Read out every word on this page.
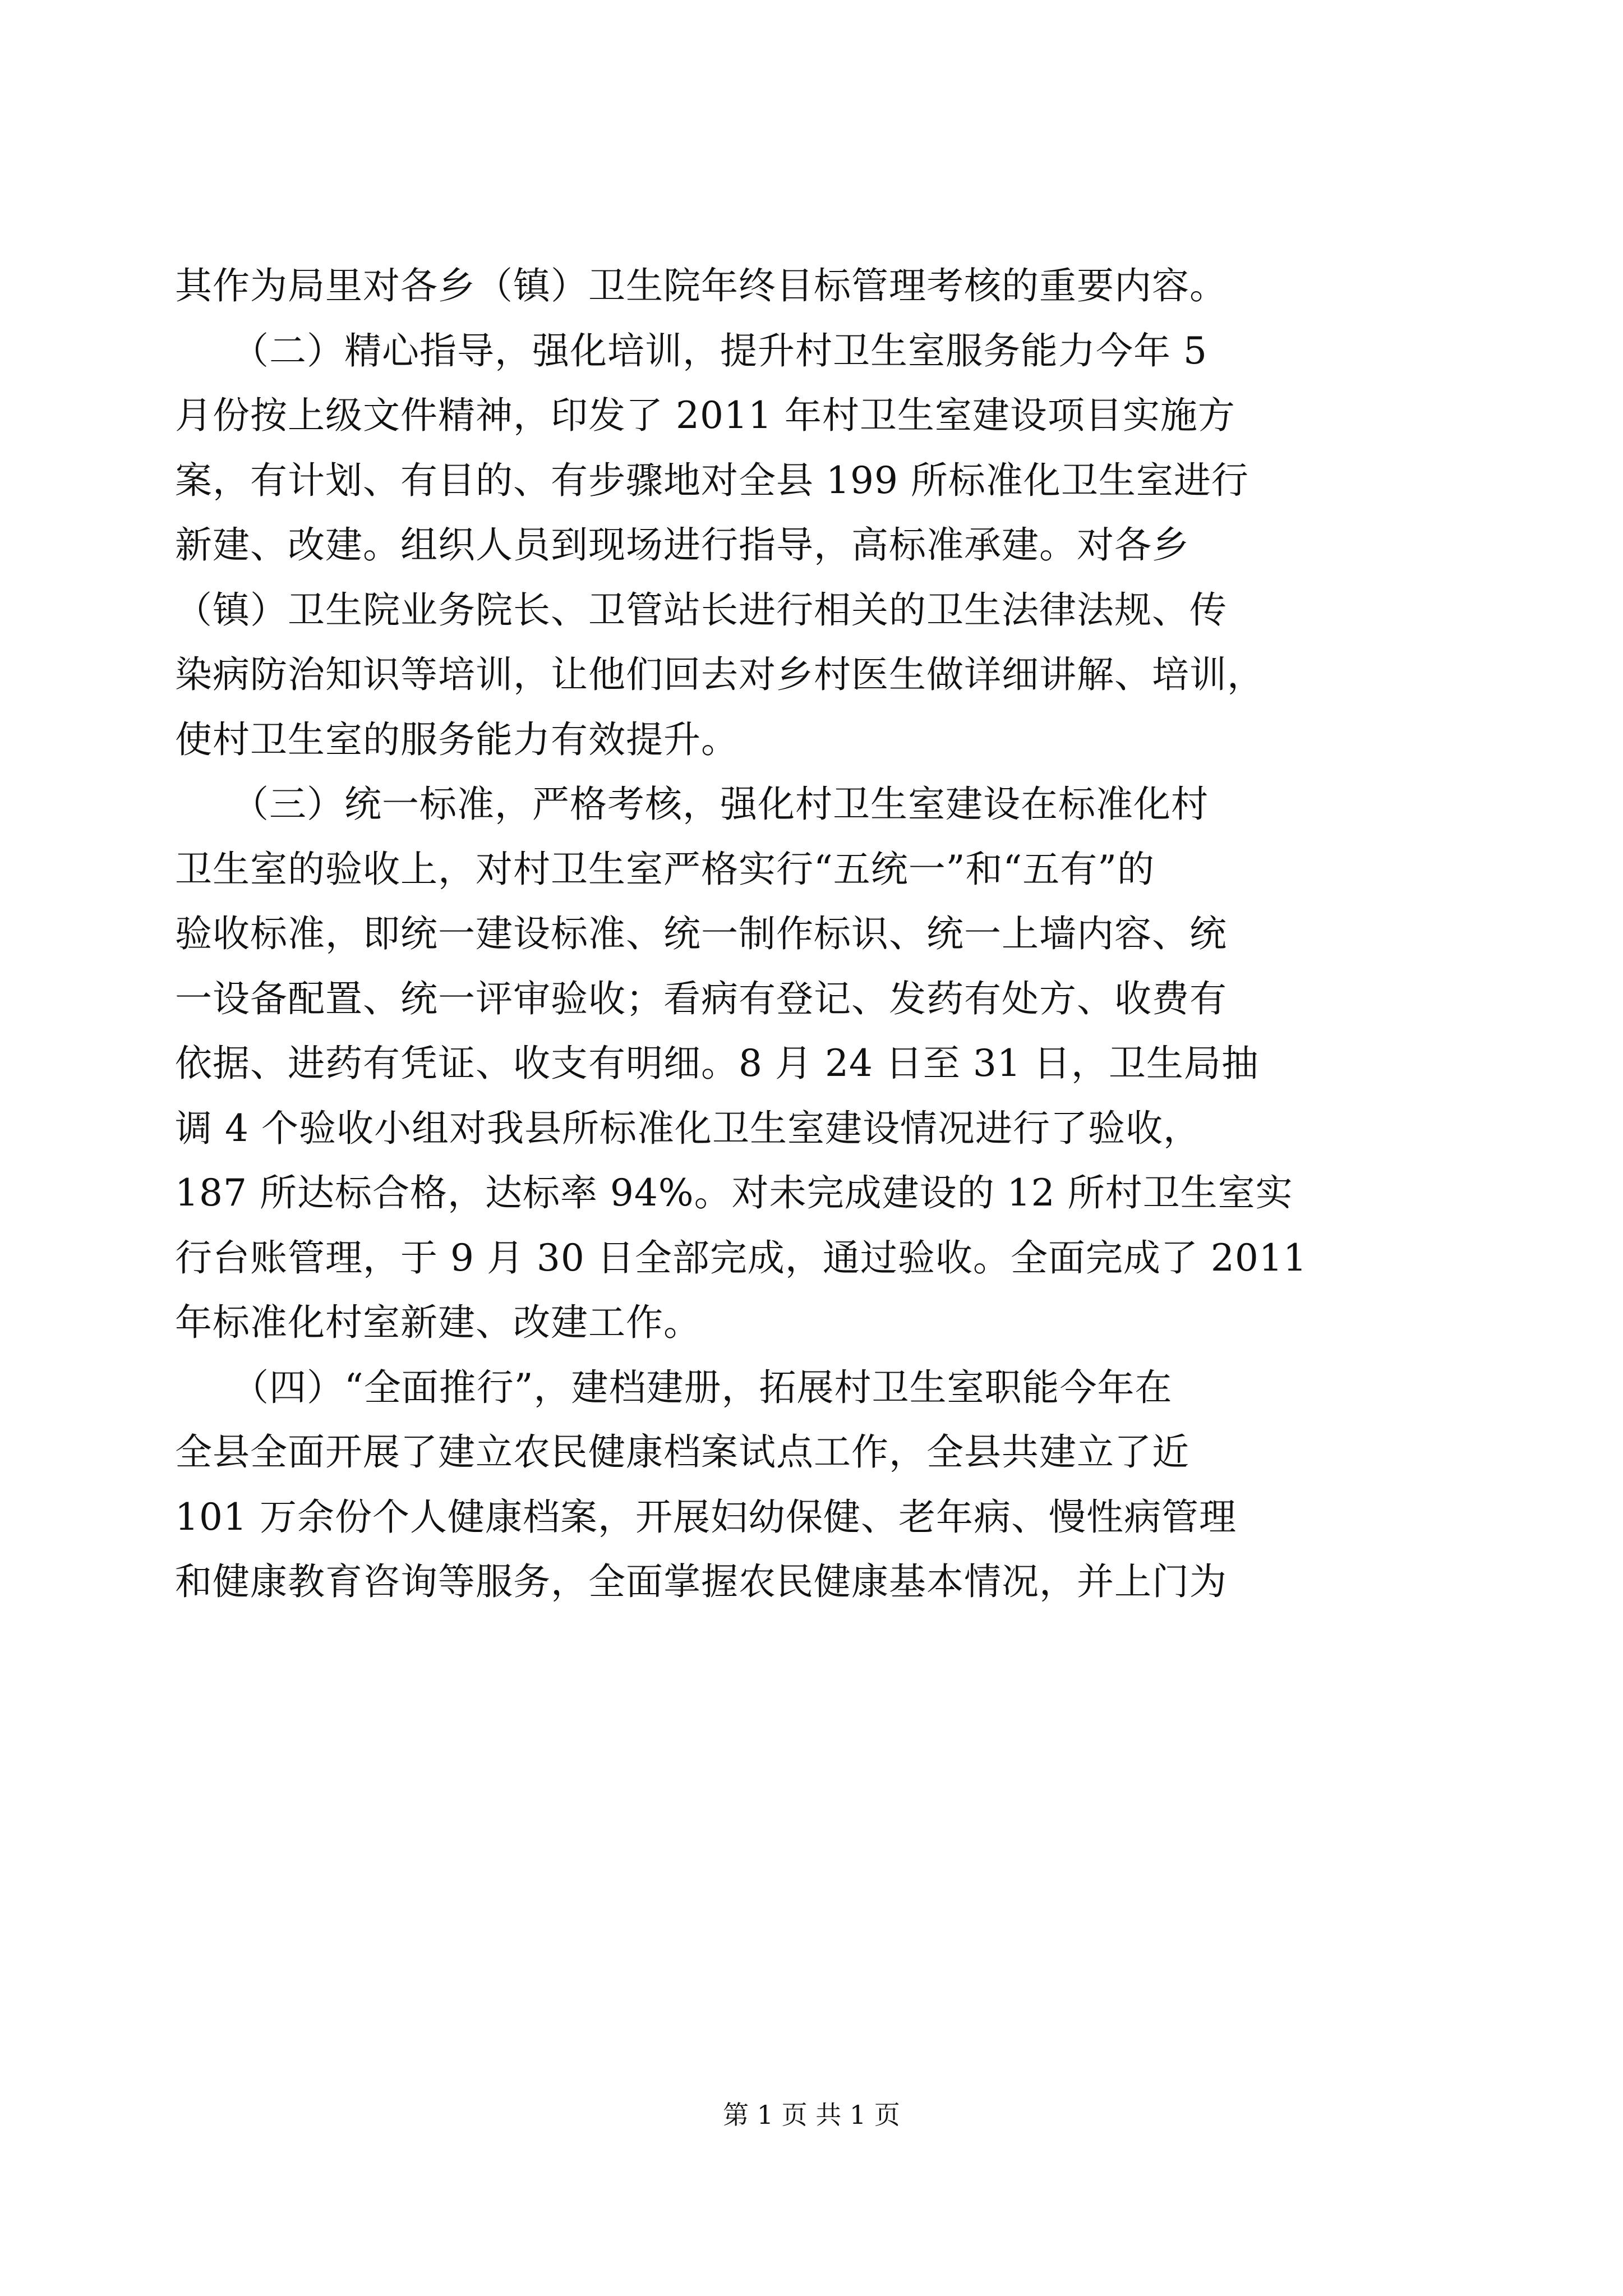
其作为局里对各乡（镇）卫生院年终目标管理考核的重要内容。
　　（二）精心指导，强化培训，提升村卫生室服务能力今年 5
月份按上级文件精神，印发了 2011 年村卫生室建设项目实施方
案，有计划、有目的、有步骤地对全县 199 所标准化卫生室进行
新建、改建。组织人员到现场进行指导，高标准承建。对各乡
（镇）卫生院业务院长、卫管站长进行相关的卫生法律法规、传
染病防治知识等培训，让他们回去对乡村医生做详细讲解、培训，
使村卫生室的服务能力有效提升。
　　（三）统一标准，严格考核，强化村卫生室建设在标准化村
卫生室的验收上，对村卫生室严格实行“五统一”和“五有”的
验收标准，即统一建设标准、统一制作标识、统一上墙内容、统
一设备配置、统一评审验收；看病有登记、发药有处方、收费有
依据、进药有凭证、收支有明细。8 月 24 日至 31 日，卫生局抽
调 4 个验收小组对我县所标准化卫生室建设情况进行了验收，
187 所达标合格，达标率 94%。对未完成建设的 12 所村卫生室实
行台账管理，于 9 月 30 日全部完成，通过验收。全面完成了 2011
年标准化村室新建、改建工作。
　　（四）“全面推行”，建档建册，拓展村卫生室职能今年在
全县全面开展了建立农民健康档案试点工作，全县共建立了近
101 万余份个人健康档案，开展妇幼保健、老年病、慢性病管理
和健康教育咨询等服务，全面掌握农民健康基本情况，并上门为
第 1 页 共 1 页
